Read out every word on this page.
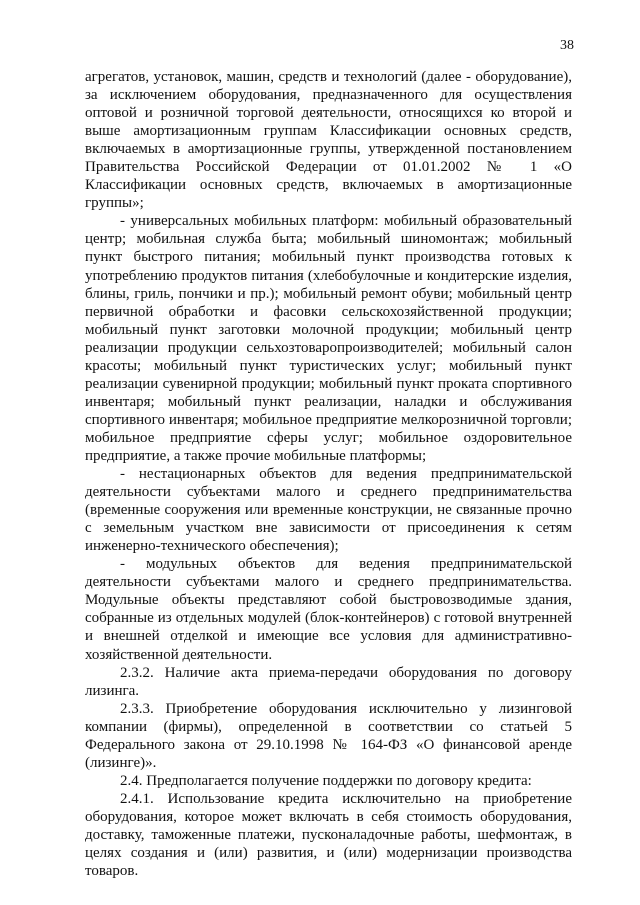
38

агрегатов, установок, машин, средств и технологий (далее - оборудование), за исключением оборудования, предназначенного для осуществления оптовой и розничной торговой деятельности, относящихся ко второй и выше амортизационным группам Классификации основных средств, включаемых в амортизационные группы, утвержденной постановлением Правительства Российской Федерации от 01.01.2002 № 1 «О Классификации основных средств, включаемых в амортизационные группы»;

- универсальных мобильных платформ: мобильный образовательный центр; мобильная служба быта; мобильный шиномонтаж; мобильный пункт быстрого питания; мобильный пункт производства готовых к употреблению продуктов питания (хлебобулочные и кондитерские изделия, блины, гриль, пончики и пр.); мобильный ремонт обуви; мобильный центр первичной обработки и фасовки сельскохозяйственной продукции; мобильный пункт заготовки молочной продукции; мобильный центр реализации продукции сельхозтоваропроизводителей; мобильный салон красоты; мобильный пункт туристических услуг; мобильный пункт реализации сувенирной продукции; мобильный пункт проката спортивного инвентаря; мобильный пункт реализации, наладки и обслуживания спортивного инвентаря; мобильное предприятие мелкорозничной торговли; мобильное предприятие сферы услуг; мобильное оздоровительное предприятие, а также прочие мобильные платформы;

- нестационарных объектов для ведения предпринимательской деятельности субъектами малого и среднего предпринимательства (временные сооружения или временные конструкции, не связанные прочно с земельным участком вне зависимости от присоединения к сетям инженерно-технического обеспечения);

- модульных объектов для ведения предпринимательской деятельности субъектами малого и среднего предпринимательства. Модульные объекты представляют собой быстровозводимые здания, собранные из отдельных модулей (блок-контейнеров) с готовой внутренней и внешней отделкой и имеющие все условия для административно-хозяйственной деятельности.

2.3.2. Наличие акта приема-передачи оборудования по договору лизинга.

2.3.3. Приобретение оборудования исключительно у лизинговой компании (фирмы), определенной в соответствии со статьей 5 Федерального закона от 29.10.1998 № 164-ФЗ «О финансовой аренде (лизинге)».

2.4. Предполагается получение поддержки по договору кредита:

2.4.1. Использование кредита исключительно на приобретение оборудования, которое может включать в себя стоимость оборудования, доставку, таможенные платежи, пусконаладочные работы, шефмонтаж, в целях создания и (или) развития, и (или) модернизации производства товаров.
